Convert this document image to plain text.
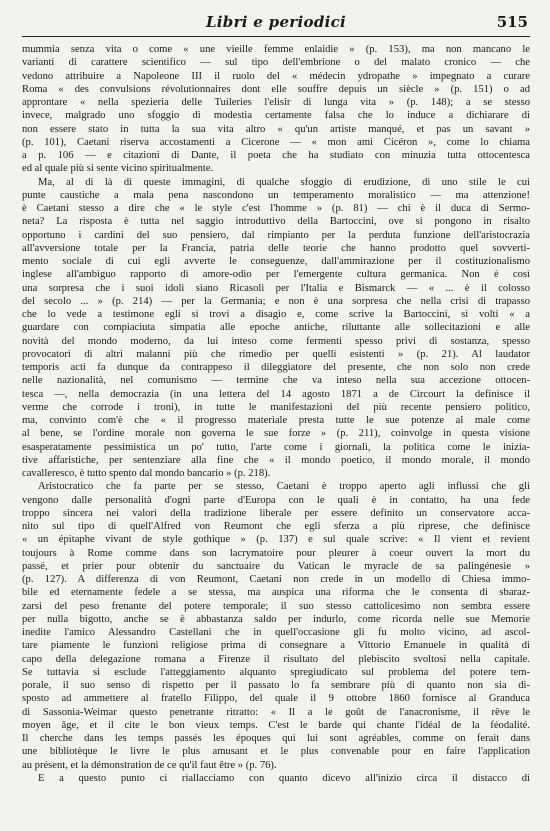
Libri e periodici	515
mummia senza vita o come « une vieille femme enlaidie » (p. 153), ma non mancano le
varianti di carattere scientifico — sul tipo dell'embrione o del malato cronico — che
vedono attribuire a Napoleone III il ruolo del « médecin ydropathe » impegnato a curare
Roma « des convulsions révolutionnaires dont elle souffre depuis un siècle » (p. 151) o ad
approntare « nella spezieria delle Tuileries l'elisir di lunga vita » (p. 148); a se stesso
invece, malgrado uno sfoggio di modestia certamente falsa che lo induce a dichiarare di
non essere stato in tutta la sua vita altro « qu'un artiste manqué, et pas un savant »
(p. 101), Caetani riserva accostamenti a Cicerone — « mon ami Cicéron », come lo chiama
a p. 106 — e citazioni di Dante, il poeta che ha studiato con minuzia tutta ottocentesca
ed al quale più si sente vicino spiritualmente.
Ma, al di là di queste immagini, di qualche sfoggio di erudizione, di uno stile le cui
punte caustiche a mala pena nascondono un temperamento moralistico — ma attenzione!
è Caetani stesso a dire che « le style c'est l'homme » (p. 81) — chi è il duca di Sermo-
neta? La risposta è tutta nel saggio introduttivo della Bartoccini, ove si pongono in risalto
opportuno i cardini del suo pensiero, dal rimpianto per la perduta funzione dell'aristocrazia
all'avversione totale per la Francia, patria delle teorie che hanno prodotto quel sovverti-
mento sociale di cui egli avverte le conseguenze, dall'ammirazione per il costituzionalismo
inglese all'ambiguo rapporto di amore-odio per l'emergente cultura germanica. Non è così
una sorpresa che i suoi idoli siano Ricasoli per l'Italia e Bismarck — « ... è il colosso
del secolo ... » (p. 214) — per la Germania; e non è una sorpresa che nella crisi di trapasso
che lo vede a testimone egli si trovi a disagio e, come scrive la Bartoccini, si volti « a
guardare con compiaciuta simpatia alle epoche antiche, riluttante alle sollecitazioni e alle
novità del mondo moderno, da lui inteso come fermenti spesso privi di sostanza, spesso
provocatori di altri malanni più che rimedio per quelli esistenti » (p. 21). Al laudator
temporis acti fa dunque da contrappeso il dileggiatore del presente, che non solo non crede
nelle nazionalità, nel comunismo — termine che va inteso nella sua accezione ottocen-
tesca —, nella democrazia (in una lettera del 14 agosto 1871 a de Circourt la definisce il
verme che corrode i troni), in tutte le manifestazioni del più recente pensiero politico,
ma, convinto com'è che « il progresso materiale presta tutte le sue potenze al male come
al bene, se l'ordine morale non governa le sue forze » (p. 211), coinvolge in questa visione
esasperatamente pessimistica un po' tutto, l'arte come i giornali, la politica come le inizia-
tive affaristiche, per sentenziare alla fine che « il mondo poetico, il mondo morale, il mondo
cavalleresco, è tutto spento dal mondo bancario » (p. 218).
Aristocratico che fa parte per se stesso, Caetani è troppo aperto agli influssi che gli
vengono dalle personalità d'ogni parte d'Europa con le quali è in contatto, ha una fede
troppo sincera nei valori della tradizione liberale per essere definito un conservatore acca-
nito sul tipo di quell'Alfred von Reumont che egli sferza a più riprese, che definisce
« un épitaphe vivant de style gothique » (p. 137) e sul quale scrive: « Il vient et revient
toujours à Rome comme dans son lacrymatoire pour pleurer à coeur ouvert la mort du
passé, et prier pour obtenir du sanctuaire du Vatican le myracle de sa palingénesie »
(p. 127). A differenza di von Reumont, Caetani non crede in un modello di Chiesa immo-
bile ed eternamente fedele a se stessa, ma auspica una riforma che le consenta di sbaraz-
zarsi del peso frenante del potere temporale; il suo stesso cattolicesimo non sembra essere
per nulla bigotto, anche se è abbastanza saldo per indurlo, come ricorda nelle sue Memorie
inedite l'amico Alessandro Castellani che in quell'occasione gli fu molto vicino, ad ascol-
tare piamente le funzioni religiose prima di consegnare a Vittorio Emanuele in qualità di
capo della delegazione romana a Firenze il risultato del plebiscito svoltosi nella capitale.
Se tuttavia si esclude l'atteggiamento alquanto spregiudicato sul problema del potere tem-
porale, il suo senso di rispetto per il passato lo fa sembrare più di quanto non sia di-
sposto ad ammettere al fratello Filippo, del quale il 9 ottobre 1860 fornisce al Granduca
di Sassonia-Weimar questo penetrante ritratto: « Il a le goût de l'anacronisme, il rêve le
moyen âge, et il cite le bon vieux temps. C'est le barde qui chante l'idéal de la féodalité.
Il cherche dans les temps passés les époques qui lui sont agréables, comme on ferait dans
une bibliotèque le livre le plus amusant et le plus convenable pour en faire l'application
au présent, et la démonstration de ce qu'il faut être » (p. 76).
E a questo punto ci riallacciamo con quanto dicevo all'inizio circa il distacco di
